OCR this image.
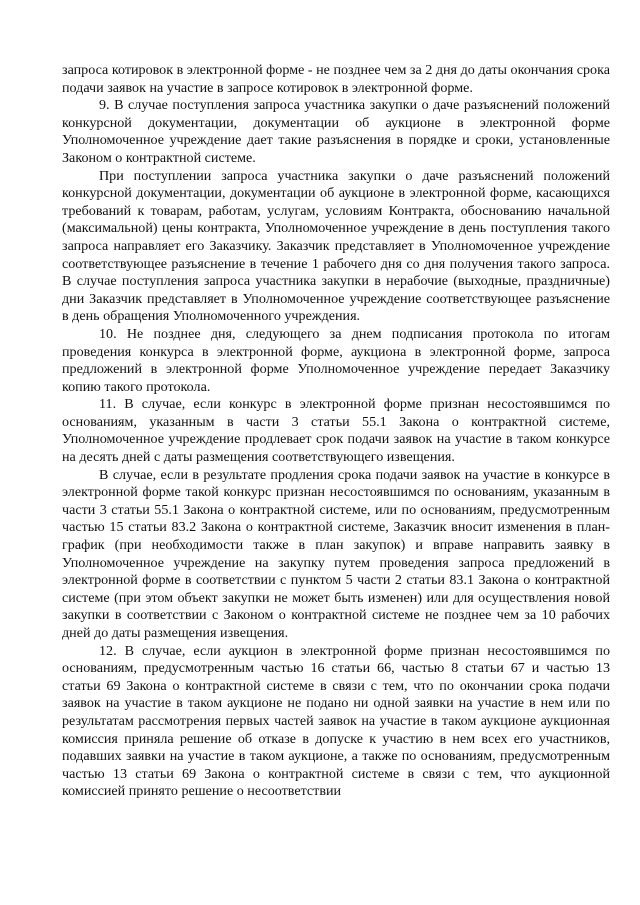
запроса котировок в электронной форме - не позднее чем за 2 дня до даты окончания срока подачи заявок на участие в запросе котировок в электронной форме.

9. В случае поступления запроса участника закупки о даче разъяснений положений конкурсной документации, документации об аукционе в электронной форме Уполномоченное учреждение дает такие разъяснения в порядке и сроки, установленные Законом о контрактной системе.

При поступлении запроса участника закупки о даче разъяснений положений конкурсной документации, документации об аукционе в электронной форме, касающихся требований к товарам, работам, услугам, условиям Контракта, обоснованию начальной (максимальной) цены контракта, Уполномоченное учреждение в день поступления такого запроса направляет его Заказчику. Заказчик представляет в Уполномоченное учреждение соответствующее разъяснение в течение 1 рабочего дня со дня получения такого запроса. В случае поступления запроса участника закупки в нерабочие (выходные, праздничные) дни Заказчик представляет в Уполномоченное учреждение соответствующее разъяснение в день обращения Уполномоченного учреждения.

10. Не позднее дня, следующего за днем подписания протокола по итогам проведения конкурса в электронной форме, аукциона в электронной форме, запроса предложений в электронной форме Уполномоченное учреждение передает Заказчику копию такого протокола.

11. В случае, если конкурс в электронной форме признан несостоявшимся по основаниям, указанным в части 3 статьи 55.1 Закона о контрактной системе, Уполномоченное учреждение продлевает срок подачи заявок на участие в таком конкурсе на десять дней с даты размещения соответствующего извещения.

В случае, если в результате продления срока подачи заявок на участие в конкурсе в электронной форме такой конкурс признан несостоявшимся по основаниям, указанным в части 3 статьи 55.1 Закона о контрактной системе, или по основаниям, предусмотренным частью 15 статьи 83.2 Закона о контрактной системе, Заказчик вносит изменения в план-график (при необходимости также в план закупок) и вправе направить заявку в Уполномоченное учреждение на закупку путем проведения запроса предложений в электронной форме в соответствии с пунктом 5 части 2 статьи 83.1 Закона о контрактной системе (при этом объект закупки не может быть изменен) или для осуществления новой закупки в соответствии с Законом о контрактной системе не позднее чем за 10 рабочих дней до даты размещения извещения.

12. В случае, если аукцион в электронной форме признан несостоявшимся по основаниям, предусмотренным частью 16 статьи 66, частью 8 статьи 67 и частью 13 статьи 69 Закона о контрактной системе в связи с тем, что по окончании срока подачи заявок на участие в таком аукционе не подано ни одной заявки на участие в нем или по результатам рассмотрения первых частей заявок на участие в таком аукционе аукционная комиссия приняла решение об отказе в допуске к участию в нем всех его участников, подавших заявки на участие в таком аукционе, а также по основаниям, предусмотренным частью 13 статьи 69 Закона о контрактной системе в связи с тем, что аукционной комиссией принято решение о несоответствии
